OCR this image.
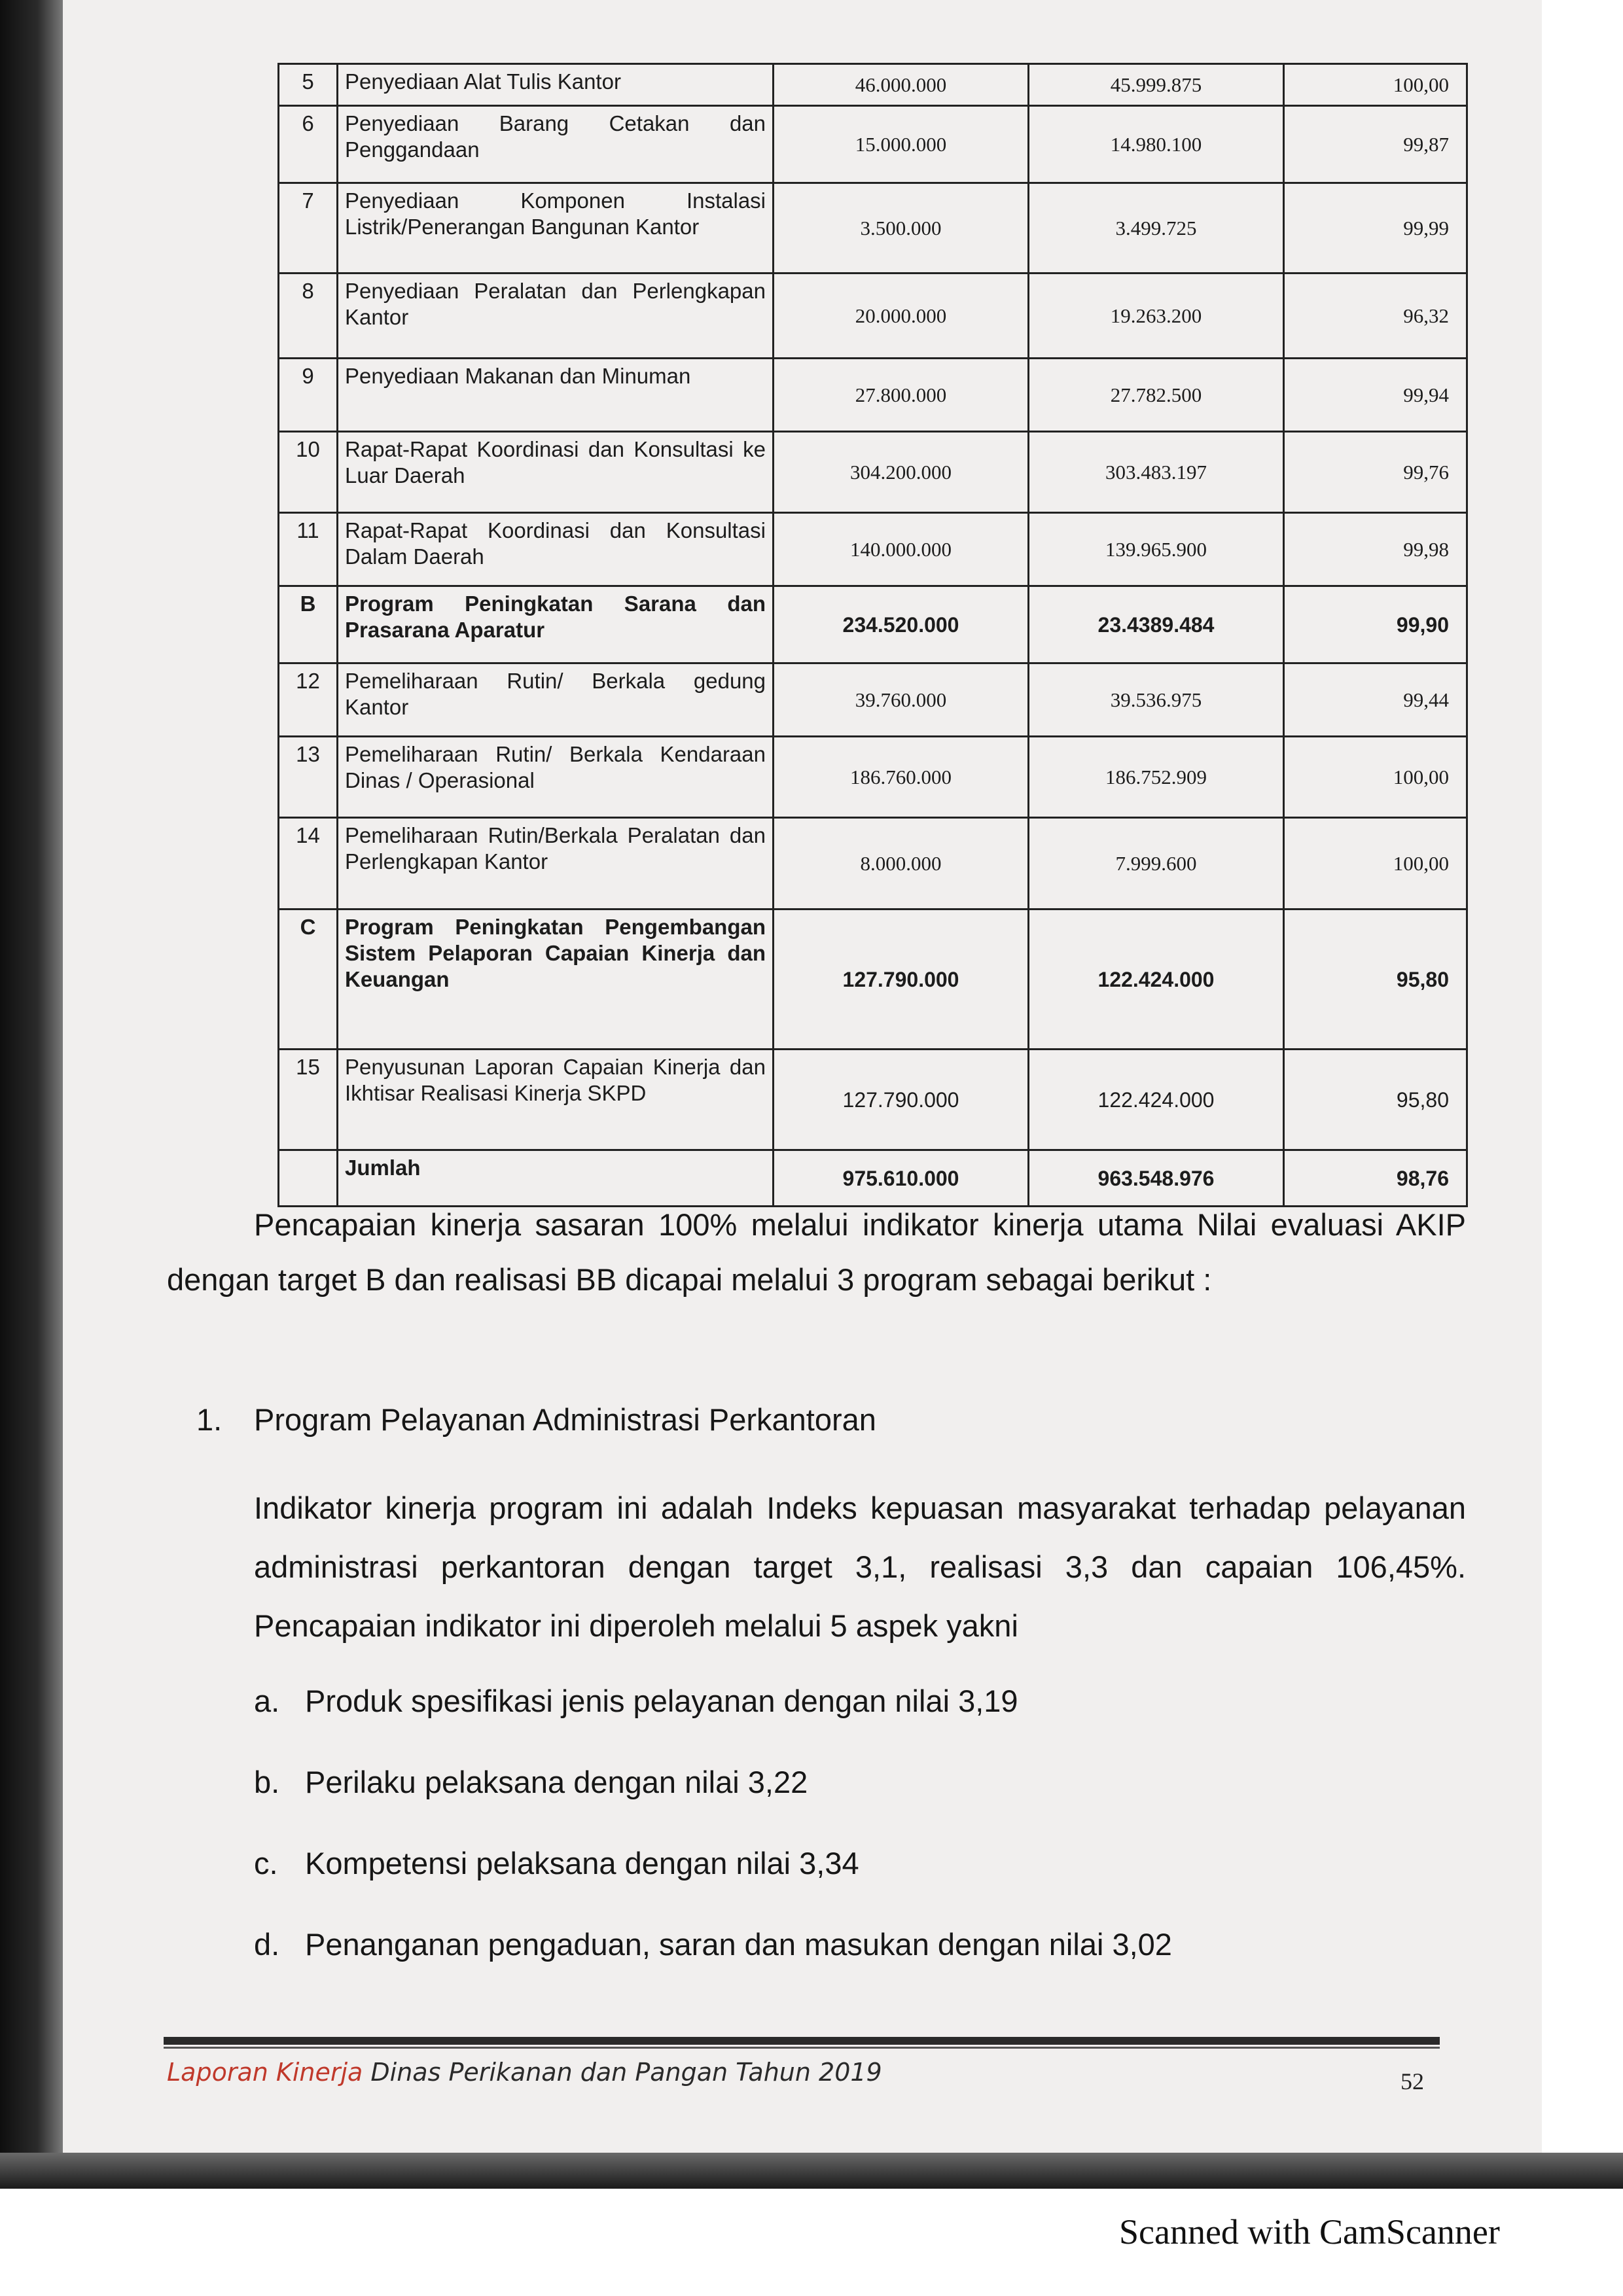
5	Penyediaan Alat Tulis Kantor	46.000.000	45.999.875	100,00
6	Penyediaan Barang Cetakan dan Penggandaan	15.000.000	14.980.100	99,87
7	Penyediaan Komponen Instalasi Listrik/Penerangan Bangunan Kantor	3.500.000	3.499.725	99,99
8	Penyediaan Peralatan dan Perlengkapan Kantor	20.000.000	19.263.200	96,32
9	Penyediaan Makanan dan Minuman	27.800.000	27.782.500	99,94
10	Rapat-Rapat Koordinasi dan Konsultasi ke Luar Daerah	304.200.000	303.483.197	99,76
11	Rapat-Rapat Koordinasi dan Konsultasi Dalam Daerah	140.000.000	139.965.900	99,98
B	Program Peningkatan Sarana dan Prasarana Aparatur	234.520.000	23.4389.484	99,90
12	Pemeliharaan Rutin/ Berkala gedung Kantor	39.760.000	39.536.975	99,44
13	Pemeliharaan Rutin/ Berkala Kendaraan Dinas / Operasional	186.760.000	186.752.909	100,00
14	Pemeliharaan Rutin/Berkala Peralatan dan Perlengkapan Kantor	8.000.000	7.999.600	100,00
C	Program Peningkatan Pengembangan Sistem Pelaporan Capaian Kinerja dan Keuangan	127.790.000	122.424.000	95,80
15	Penyusunan Laporan Capaian Kinerja dan Ikhtisar Realisasi Kinerja SKPD	127.790.000	122.424.000	95,80
	Jumlah	975.610.000	963.548.976	98,76

Pencapaian kinerja sasaran 100% melalui indikator kinerja utama Nilai evaluasi AKIP dengan target B dan realisasi BB dicapai melalui 3 program sebagai berikut :

1. Program Pelayanan Administrasi Perkantoran

Indikator kinerja program ini adalah Indeks kepuasan masyarakat terhadap pelayanan administrasi perkantoran dengan target 3,1, realisasi 3,3 dan capaian 106,45%. Pencapaian indikator ini diperoleh melalui 5 aspek yakni

a. Produk spesifikasi jenis pelayanan dengan nilai 3,19

b. Perilaku pelaksana dengan nilai 3,22

c. Kompetensi pelaksana dengan nilai 3,34

d. Penanganan pengaduan, saran dan masukan dengan nilai 3,02

Laporan Kinerja Dinas Perikanan dan Pangan Tahun 2019	52
Scanned with CamScanner
